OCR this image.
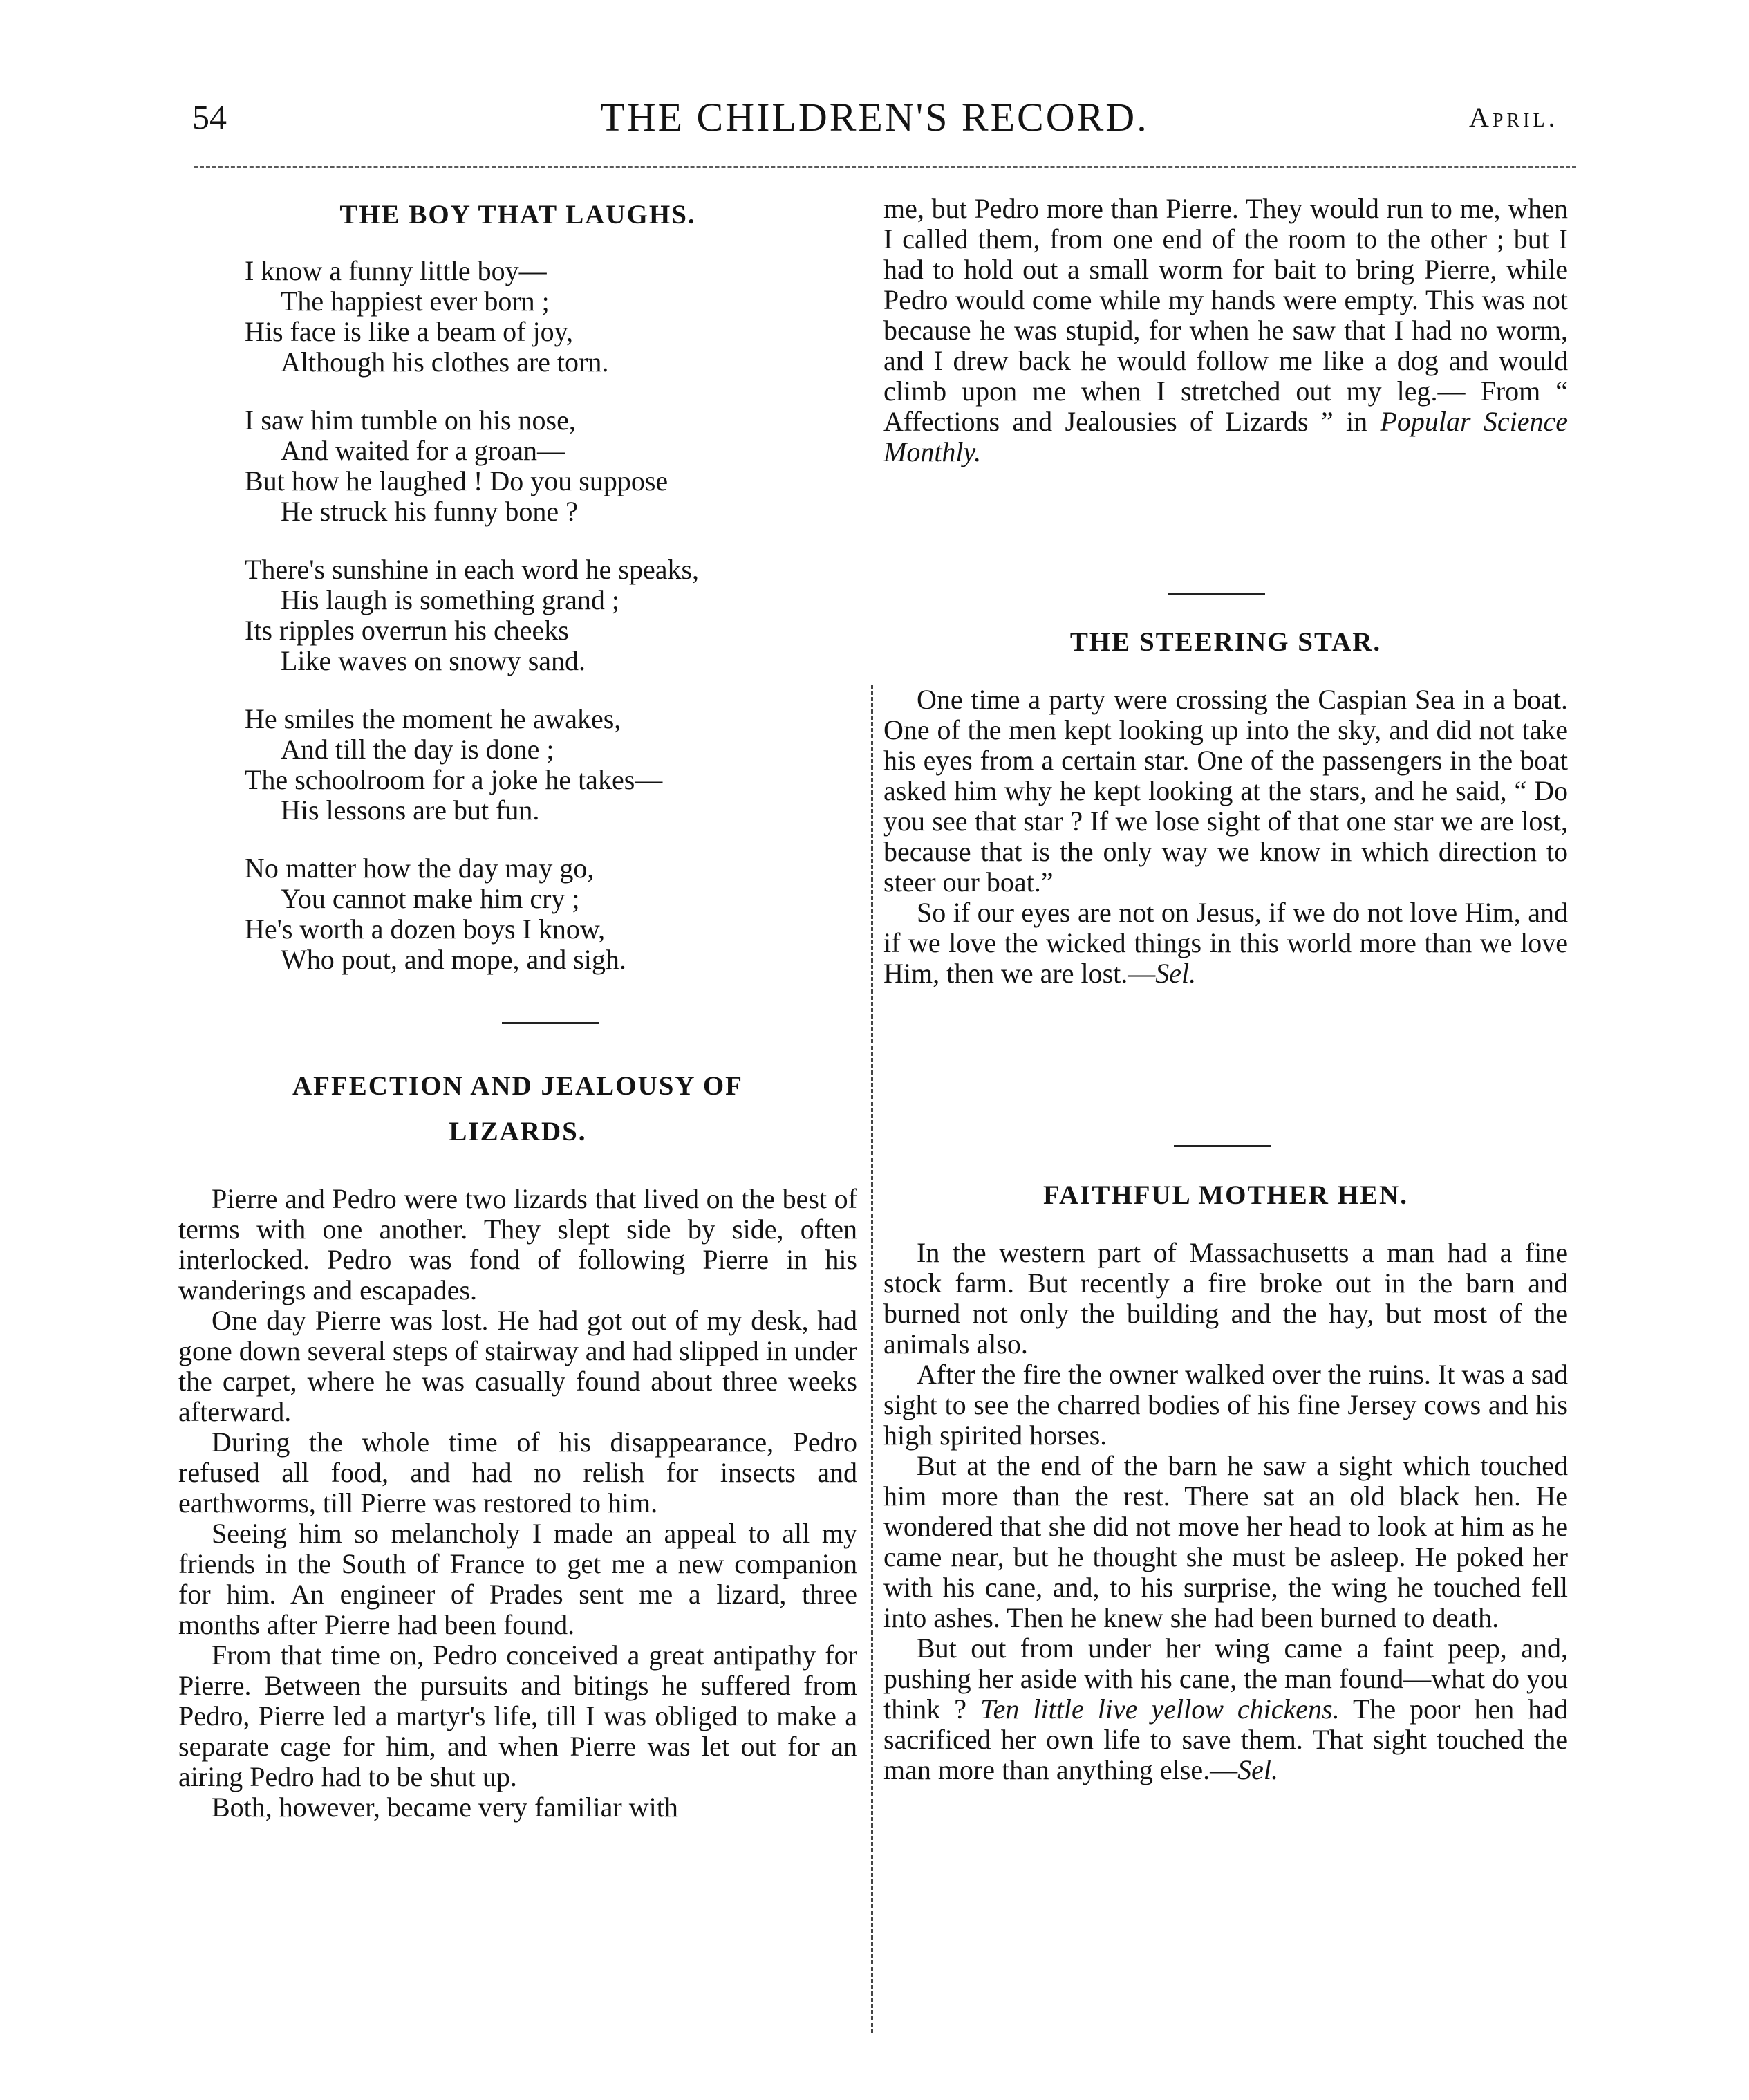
54	THE CHILDREN'S RECORD.	April.
THE BOY THAT LAUGHS.
I know a funny little boy—
The happiest ever born ;
His face is like a beam of joy,
Although his clothes are torn.
I saw him tumble on his nose,
And waited for a groan—
But how he laughed ! Do you suppose
He struck his funny bone ?
There's sunshine in each word he speaks,
His laugh is something grand ;
Its ripples overrun his cheeks
Like waves on snowy sand.
He smiles the moment he awakes,
And till the day is done ;
The schoolroom for a joke he takes—
His lessons are but fun.
No matter how the day may go,
You cannot make him cry ;
He's worth a dozen boys I know,
Who pout, and mope, and sigh.
AFFECTION AND JEALOUSY OF
LIZARDS.

Pierre and Pedro were two lizards that lived on the best of terms with one another. They slept side by side, often interlocked. Pedro was fond of following Pierre in his wanderings and escapades.

One day Pierre was lost. He had got out of my desk, had gone down several steps of stairway and had slipped in under the carpet, where he was casually found about three weeks afterward.

During the whole time of his disappearance, Pedro refused all food, and had no relish for insects and earthworms, till Pierre was restored to him.

Seeing him so melancholy I made an appeal to all my friends in the South of France to get me a new companion for him. An engineer of Prades sent me a lizard, three months after Pierre had been found.

From that time on, Pedro conceived a great antipathy for Pierre. Between the pursuits and bitings he suffered from Pedro, Pierre led a martyr's life, till I was obliged to make a separate cage for him, and when Pierre was let out for an airing Pedro had to be shut up.

Both, however, became very familiar with

me, but Pedro more than Pierre. They would run to me, when I called them, from one end of the room to the other ; but I had to hold out a small worm for bait to bring Pierre, while Pedro would come while my hands were empty. This was not because he was stupid, for when he saw that I had no worm, and I drew back he would follow me like a dog and would climb upon me when I stretched out my leg.— From “ Affections and Jealousies of Lizards ” in Popular Science Monthly.

THE STEERING STAR.

One time a party were crossing the Caspian Sea in a boat. One of the men kept looking up into the sky, and did not take his eyes from a certain star. One of the passengers in the boat asked him why he kept looking at the stars, and he said, “ Do you see that star ? If we lose sight of that one star we are lost, because that is the only way we know in which direction to steer our boat.”

So if our eyes are not on Jesus, if we do not love Him, and if we love the wicked things in this world more than we love Him, then we are lost.—Sel.

FAITHFUL MOTHER HEN.

In the western part of Massachusetts a man had a fine stock farm. But recently a fire broke out in the barn and burned not only the building and the hay, but most of the animals also.

After the fire the owner walked over the ruins. It was a sad sight to see the charred bodies of his fine Jersey cows and his high spirited horses.

But at the end of the barn he saw a sight which touched him more than the rest. There sat an old black hen. He wondered that she did not move her head to look at him as he came near, but he thought she must be asleep. He poked her with his cane, and, to his surprise, the wing he touched fell into ashes. Then he knew she had been burned to death.

But out from under her wing came a faint peep, and, pushing her aside with his cane, the man found—what do you think ? Ten little live yellow chickens. The poor hen had sacrificed her own life to save them. That sight touched the man more than anything else.—Sel.
